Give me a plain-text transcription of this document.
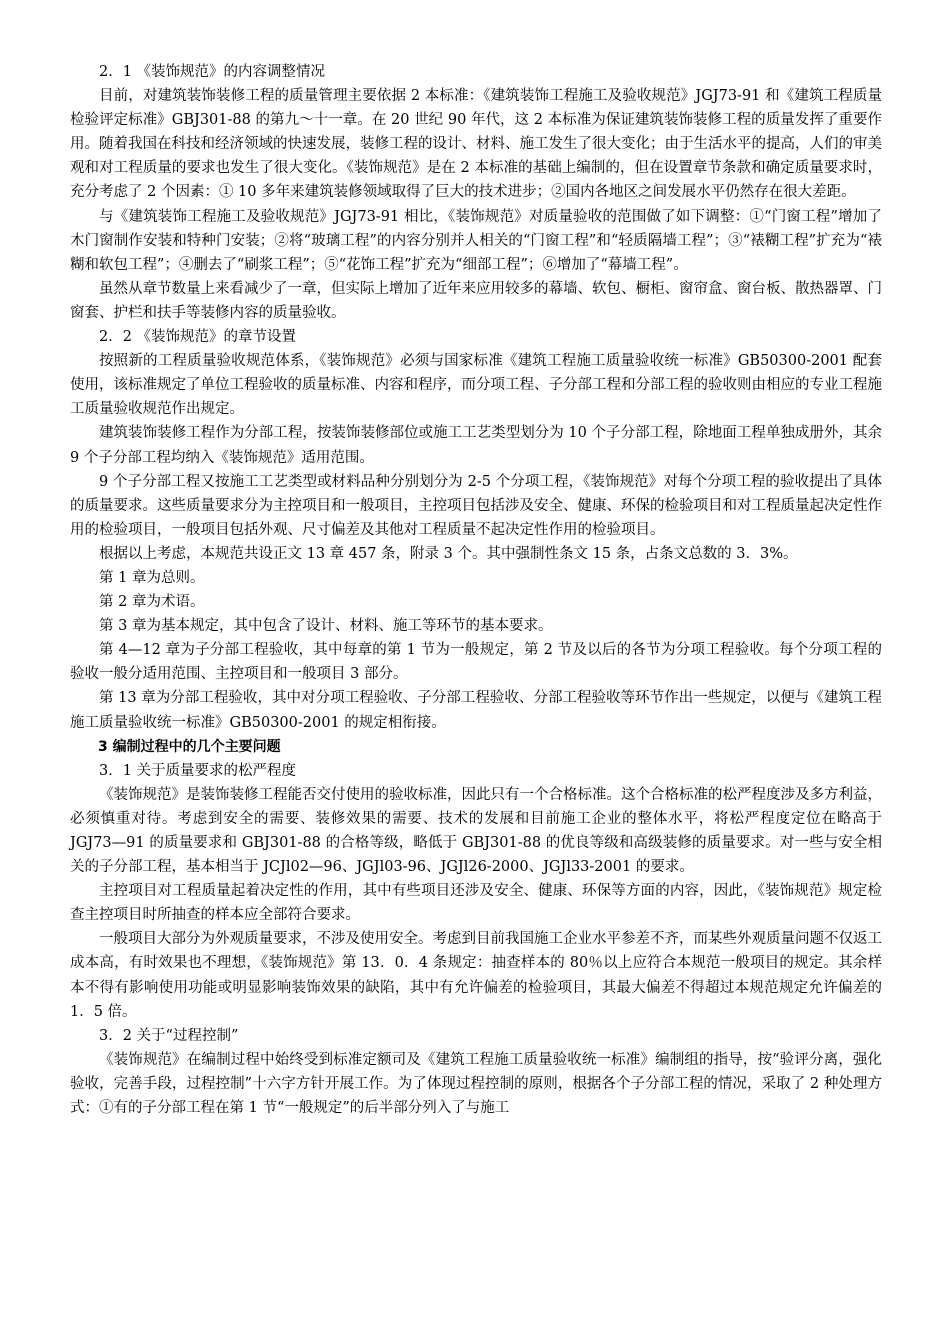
2．1 《装饰规范》的内容调整情况

目前，对建筑装饰装修工程的质量管理主要依据 2 本标准：《建筑装饰工程施工及验收规范》JGJ73-91 和《建筑工程质量检验评定标准》GBJ301-88 的第九～十一章。在 20 世纪 90 年代，这 2 本标准为保证建筑装饰装修工程的质量发挥了重要作用。随着我国在科技和经济领域的快速发展，装修工程的设计、材料、施工发生了很大变化；由于生活水平的提高，人们的审美观和对工程质量的要求也发生了很大变化。《装饰规范》是在 2 本标准的基础上编制的，但在设置章节条款和确定质量要求时，充分考虑了 2 个因素：① 10 多年来建筑装修领域取得了巨大的技术进步；②国内各地区之间发展水平仍然存在很大差距。

与《建筑装饰工程施工及验收规范》JGJ73-91 相比，《装饰规范》对质量验收的范围做了如下调整：①“门窗工程”增加了木门窗制作安装和特种门安装；②将“玻璃工程”的内容分别并人相关的“门窗工程”和“轻质隔墙工程”；③“裱糊工程”扩充为“裱糊和软包工程”；④删去了“刷浆工程”；⑤“花饰工程”扩充为“细部工程”；⑥增加了“幕墙工程”。

虽然从章节数量上来看减少了一章，但实际上增加了近年来应用较多的幕墙、软包、橱柜、窗帘盒、窗台板、散热器罩、门窗套、护栏和扶手等装修内容的质量验收。

2．2 《装饰规范》的章节设置

按照新的工程质量验收规范体系，《装饰规范》必须与国家标准《建筑工程施工质量验收统一标准》GB50300-2001 配套使用，该标准规定了单位工程验收的质量标准、内容和程序，而分项工程、子分部工程和分部工程的验收则由相应的专业工程施工质量验收规范作出规定。

建筑装饰装修工程作为分部工程，按装饰装修部位或施工工艺类型划分为 10 个子分部工程，除地面工程单独成册外，其余 9 个子分部工程均纳入《装饰规范》适用范围。

9 个子分部工程又按施工工艺类型或材料品种分别划分为 2-5 个分项工程，《装饰规范》对每个分项工程的验收提出了具体的质量要求。这些质量要求分为主控项目和一般项目，主控项目包括涉及安全、健康、环保的检验项目和对工程质量起决定性作用的检验项目，一般项目包括外观、尺寸偏差及其他对工程质量不起决定性作用的检验项目。

根据以上考虑，本规范共设正文 13 章 457 条，附录 3 个。其中强制性条文 15 条，占条文总数的 3．3%。

第 1 章为总则。

第 2 章为术语。

第 3 章为基本规定，其中包含了设计、材料、施工等环节的基本要求。

第 4—12 章为子分部工程验收，其中每章的第 1 节为一般规定，第 2 节及以后的各节为分项工程验收。每个分项工程的验收一般分适用范围、主控项目和一般项目 3 部分。

第 13 章为分部工程验收，其中对分项工程验收、子分部工程验收、分部工程验收等环节作出一些规定，以便与《建筑工程施工质量验收统一标准》GB50300-2001 的规定相衔接。

3 编制过程中的几个主要问题

3．1 关于质量要求的松严程度

《装饰规范》是装饰装修工程能否交付使用的验收标准，因此只有一个合格标准。这个合格标准的松严程度涉及多方利益，必须慎重对待。考虑到安全的需要、装修效果的需要、技术的发展和目前施工企业的整体水平，将松严程度定位在略高于 JGJ73—91 的质量要求和 GBJ301-88 的合格等级，略低于 GBJ301-88 的优良等级和高级装修的质量要求。对一些与安全相关的子分部工程，基本相当于 JCJl02—96、JGJl03-96、JGJl26-2000、JGJl33-2001 的要求。

主控项目对工程质量起着决定性的作用，其中有些项目还涉及安全、健康、环保等方面的内容，因此，《装饰规范》规定检查主控项目时所抽查的样本应全部符合要求。

一般项目大部分为外观质量要求，不涉及使用安全。考虑到目前我国施工企业水平参差不齐，而某些外观质量问题不仅返工成本高，有时效果也不理想，《装饰规范》第 13．0．4 条规定：抽查样本的 80％以上应符合本规范一般项目的规定。其余样本不得有影响使用功能或明显影响装饰效果的缺陷，其中有允许偏差的检验项目，其最大偏差不得超过本规范规定允许偏差的 1．5 倍。

3．2 关于“过程控制”

《装饰规范》在编制过程中始终受到标准定额司及《建筑工程施工质量验收统一标准》编制组的指导，按“验评分离，强化验收，完善手段，过程控制”十六字方针开展工作。为了体现过程控制的原则，根据各个子分部工程的情况，采取了 2 种处理方式：①有的子分部工程在第 1 节“一般规定”的后半部分列入了与施工
